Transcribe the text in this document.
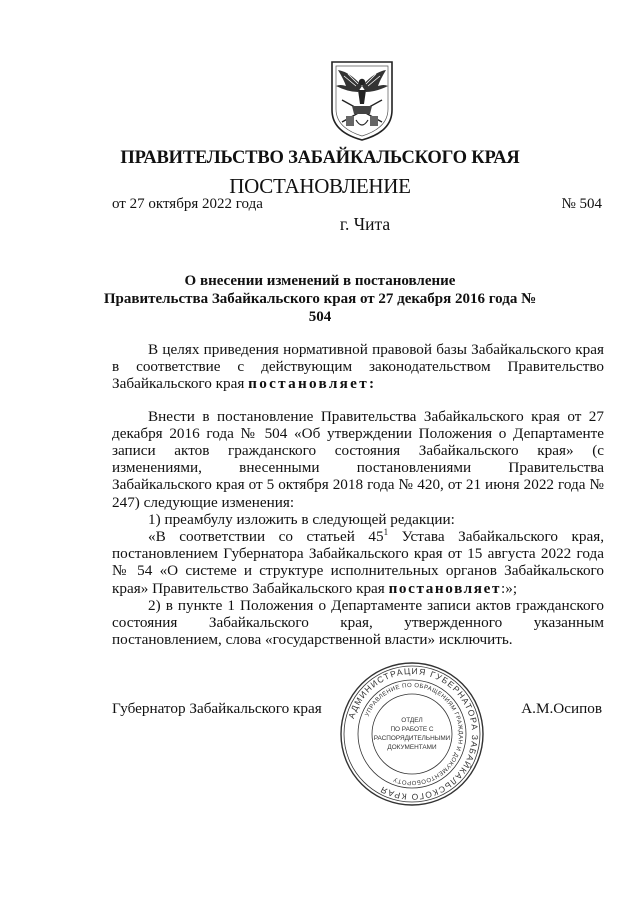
ПРАВИТЕЛЬСТВО ЗАБАЙКАЛЬСКОГО КРАЯ
ПОСТАНОВЛЕНИЕ
от 27 октября 2022 года	№ 504
г. Чита
О внесении изменений в постановление
Правительства Забайкальского края от 27 декабря 2016 года № 504

В целях приведения нормативной правовой базы Забайкальского края в соответствие с действующим законодательством Правительство Забайкальского края постановляет:

Внести в постановление Правительства Забайкальского края от 27 декабря 2016 года № 504 «Об утверждении Положения о Департаменте записи актов гражданского состояния Забайкальского края» (с изменениями, внесенными постановлениями Правительства Забайкальского края от 5 октября 2018 года № 420, от 21 июня 2022 года № 247) следующие изменения:

1) преамбулу изложить в следующей редакции:

«В соответствии со статьей $45^1$ Устава Забайкальского края, постановлением Губернатора Забайкальского края от 15 августа 2022 года № 54 «О системе и структуре исполнительных органов Забайкальского края» Правительство Забайкальского края постановляет:»;

2) в пункте 1 Положения о Департаменте записи актов гражданского состояния Забайкальского края, утвержденного указанным постановлением, слова «государственной власти» исключить.

Губернатор Забайкальского края	А.М.Осипов
АДМИНИСТРАЦИЯ ГУБЕРНАТОРА ЗАБАЙКАЛЬСКОГО КРАЯ
УПРАВЛЕНИЕ ПО ОБРАЩЕНИЯМ ГРАЖДАН И ДОКУМЕНТООБОРОТУ
ОТДЕЛ
ПО РАБОТЕ С
РАСПОРЯДИТЕЛЬНЫМИ
ДОКУМЕНТАМИ
